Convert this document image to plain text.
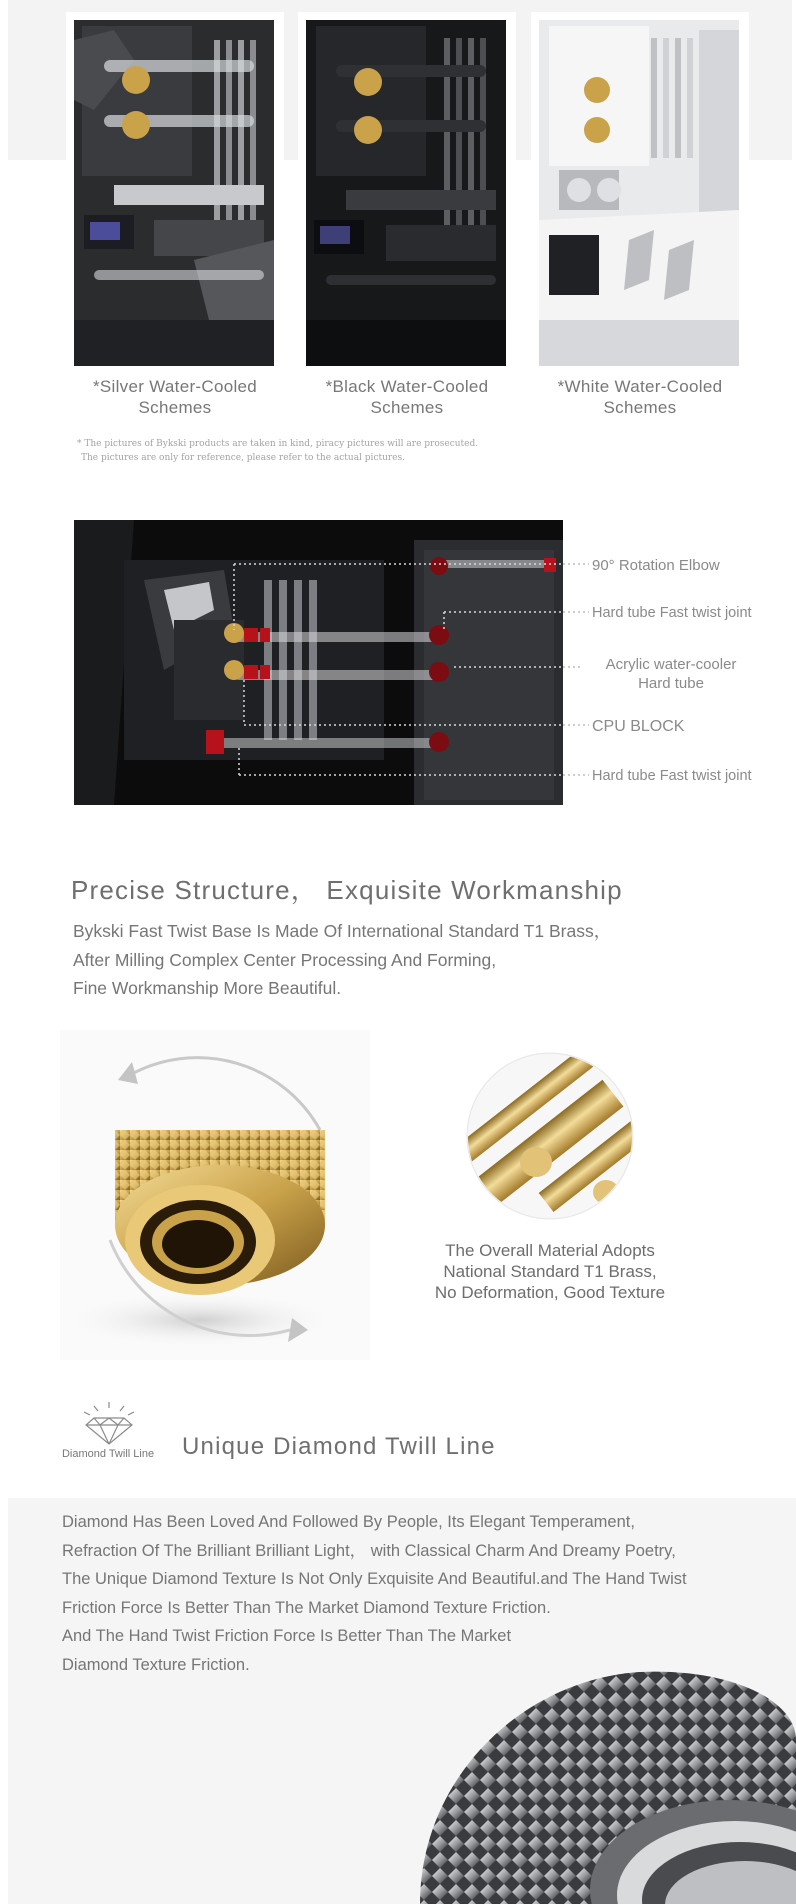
*Silver Water-Cooled
Schemes
*Black Water-Cooled
Schemes
*White Water-Cooled
Schemes
* The pictures of Bykski products are taken in kind, piracy pictures will are prosecuted.
The pictures are only for reference, please refer to the actual pictures.
90° Rotation Elbow
Hard tube Fast twist joint
Acrylic water-cooler
Hard tube
CPU BLOCK
Hard tube Fast twist joint
Precise Structure， Exquisite Workmanship
Bykski Fast Twist Base Is Made Of International Standard T1 Brass，
After Milling Complex Center Processing And Forming,
Fine Workmanship More Beautiful.
The Overall Material Adopts
National Standard T1 Brass,
No Deformation, Good Texture
Diamond Twill Line Unique Diamond Twill Line
Diamond Has Been Loved And Followed By People, Its Elegant Temperament,
Refraction Of The Brilliant Brilliant Light， with Classical Charm And Dreamy Poetry,
The Unique Diamond Texture Is Not Only Exquisite And Beautiful.and The Hand Twist
Friction Force Is Better Than The Market Diamond Texture Friction.
And The Hand Twist Friction Force Is Better Than The Market
Diamond Texture Friction.
